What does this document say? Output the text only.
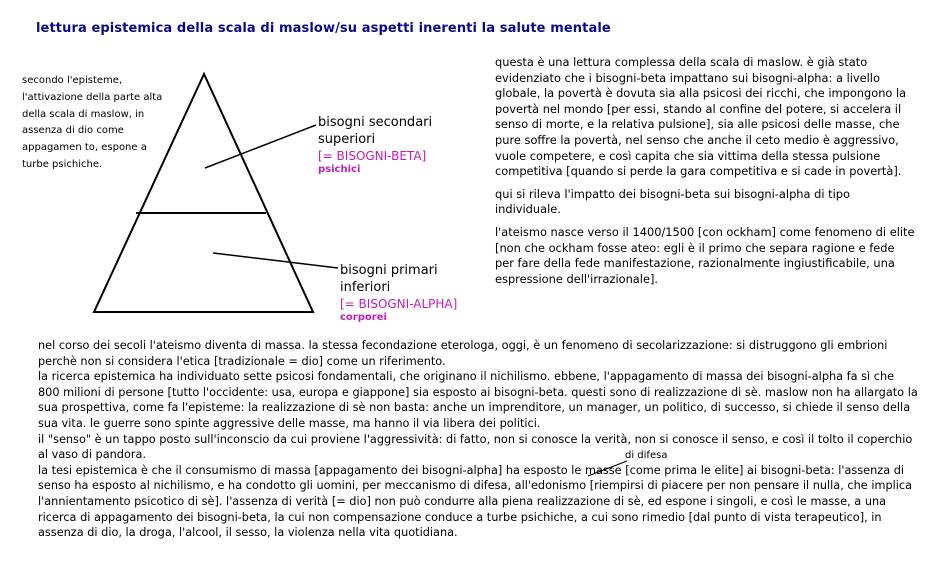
lettura epistemica della scala di maslow/su aspetti inerenti la salute mentale
secondo l'episteme, l'attivazione della parte alta della scala di maslow, in assenza di dio come appagamen to, espone a turbe psichiche.
bisogni secondari
superiori
[= BISOGNI-BETA]
psichici
bisogni primari
inferiori
[= BISOGNI-ALPHA]
corporei

questa è una lettura complessa della scala di maslow. è già stato evidenziato che i bisogni-beta impattano sui bisogni-alpha: a livello globale, la povertà è dovuta sia alla psicosi dei ricchi, che impongono la povertà nel mondo [per essi, stando al confine del potere, si accelera il senso di morte, e la relativa pulsione], sia alle psicosi delle masse, che pure soffre la povertà, nel senso che anche il ceto medio è aggressivo, vuole competere, e così capita che sia vittima della stessa pulsione competitiva [quando si perde la gara competitiva e si cade in povertà].

qui si rileva l'impatto dei bisogni-beta sui bisogni-alpha di tipo individuale.

l'ateismo nasce verso il 1400/1500 [con ockham] come fenomeno di elite [non che ockham fosse ateo: egli è il primo che separa ragione e fede per fare della fede manifestazione, razionalmente ingiustificabile, una espressione dell'irrazionale].

nel corso dei secoli l'ateismo diventa di massa. la stessa fecondazione eterologa, oggi, è un fenomeno di secolarizzazione: si distruggono gli embrioni perchè non si considera l'etica [tradizionale = dio] come un riferimento.

la ricerca epistemica ha individuato sette psicosi fondamentali, che originano il nichilismo. ebbene, l'appagamento di massa dei bisogni-alpha fa sì che 800 milioni di persone [tutto l'occidente: usa, europa e giappone] sia esposto ai bisogni-beta. questi sono di realizzazione di sè. maslow non ha allargato la sua prospettiva, come fa l'episteme: la realizzazione di sè non basta: anche un imprenditore, un manager, un politico, di successo, si chiede il senso della sua vita. le guerre sono spinte aggressive delle masse, ma hanno il via libera dei politici.

il "senso" è un tappo posto sull'inconscio da cui proviene l'aggressività: di fatto, non si conosce la verità, non si conosce il senso, e così il tolto il coperchio al vaso di pandora.

la tesi epistemica è che il consumismo di massa [appagamento dei bisogni-alpha] ha esposto le masse [come prima le elite] ai bisogni-beta: l'assenza di senso ha esposto al nichilismo, e ha condotto gli uomini, per meccanismo di difesa, all'edonismo [riempirsi di piacere per non pensare il nulla, che implica l'annientamento psicotico di sè]. l'assenza di verità [= dio] non può condurre alla piena realizzazione di sè, ed espone i singoli, e così le masse, a una ricerca di appagamento dei bisogni-beta, la cui non compensazione conduce a turbe psichiche, a cui sono rimedio [dal punto di vista terapeutico], in assenza di dio, la droga, l'alcool, il sesso, la violenza nella vita quotidiana.

di difesa
